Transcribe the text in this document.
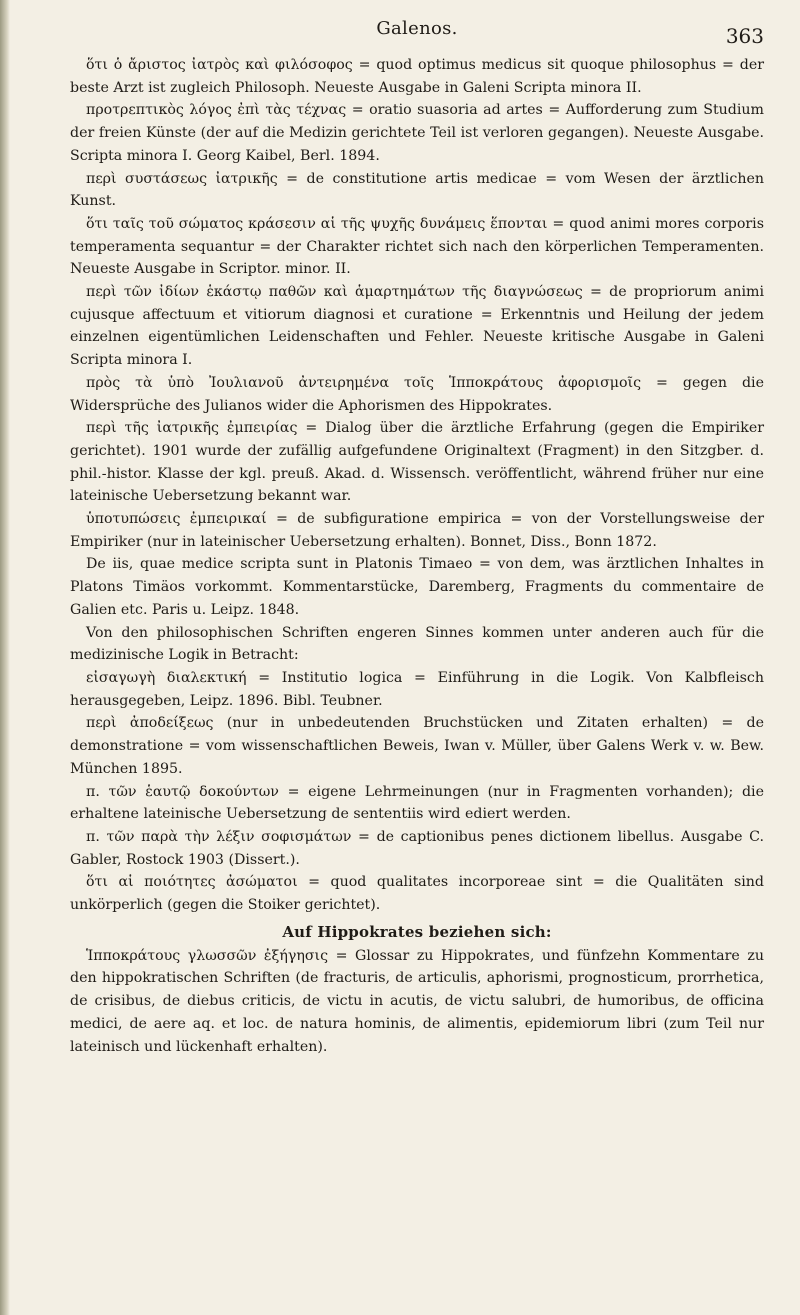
Galenos.	363

ὅτι ὁ ἄριστος ἰατρὸς καὶ φιλόσοφος = quod optimus medicus sit quoque philosophus = der beste Arzt ist zugleich Philosoph. Neueste Ausgabe in Galeni Scripta minora II.

προτρεπτικὸς λόγος ἐπὶ τὰς τέχνας = oratio suasoria ad artes = Aufforderung zum Studium der freien Künste (der auf die Medizin gerichtete Teil ist verloren gegangen). Neueste Ausgabe. Scripta minora I. Georg Kaibel, Berl. 1894.

περὶ συστάσεως ἰατρικῆς = de constitutione artis medicae = vom Wesen der ärztlichen Kunst.

ὅτι ταῖς τοῦ σώματος κράσεσιν αἱ τῆς ψυχῆς δυνάμεις ἕπονται = quod animi mores corporis temperamenta sequantur = der Charakter richtet sich nach den körperlichen Temperamenten. Neueste Ausgabe in Scriptor. minor. II.

περὶ τῶν ἰδίων ἑκάστῳ παθῶν καὶ ἁμαρτημάτων τῆς διαγνώσεως = de propriorum animi cujusque affectuum et vitiorum diagnosi et curatione = Erkenntnis und Heilung der jedem einzelnen eigentümlichen Leidenschaften und Fehler. Neueste kritische Ausgabe in Galeni Scripta minora I.

πρὸς τὰ ὑπὸ Ἰουλιανοῦ ἀντειρημένα τοῖς Ἱπποκράτους ἀφορισμοῖς = gegen die Widersprüche des Julianos wider die Aphorismen des Hippokrates.

περὶ τῆς ἰατρικῆς ἐμπειρίας = Dialog über die ärztliche Erfahrung (gegen die Empiriker gerichtet). 1901 wurde der zufällig aufgefundene Originaltext (Fragment) in den Sitzgber. d. phil.-histor. Klasse der kgl. preuß. Akad. d. Wissensch. veröffentlicht, während früher nur eine lateinische Uebersetzung bekannt war.

ὑποτυπώσεις ἐμπειρικαί = de subfiguratione empirica = von der Vorstellungsweise der Empiriker (nur in lateinischer Uebersetzung erhalten). Bonnet, Diss., Bonn 1872.

De iis, quae medice scripta sunt in Platonis Timaeo = von dem, was ärztlichen Inhaltes in Platons Timäos vorkommt. Kommentarstücke, Daremberg, Fragments du commentaire de Galien etc. Paris u. Leipz. 1848.

Von den philosophischen Schriften engeren Sinnes kommen unter anderen auch für die medizinische Logik in Betracht:

εἰσαγωγὴ διαλεκτική = Institutio logica = Einführung in die Logik. Von Kalbfleisch herausgegeben, Leipz. 1896. Bibl. Teubner.

περὶ ἀποδείξεως (nur in unbedeutenden Bruchstücken und Zitaten erhalten) = de demonstratione = vom wissenschaftlichen Beweis, Iwan v. Müller, über Galens Werk v. w. Bew. München 1895.

π. τῶν ἑαυτῷ δοκούντων = eigene Lehrmeinungen (nur in Fragmenten vorhanden); die erhaltene lateinische Uebersetzung de sententiis wird ediert werden.

π. τῶν παρὰ τὴν λέξιν σοφισμάτων = de captionibus penes dictionem libellus. Ausgabe C. Gabler, Rostock 1903 (Dissert.).

ὅτι αἱ ποιότητες ἀσώματοι = quod qualitates incorporeae sint = die Qualitäten sind unkörperlich (gegen die Stoiker gerichtet).

Auf Hippokrates beziehen sich:

Ἱπποκράτους γλωσσῶν ἐξήγησις = Glossar zu Hippokrates, und fünfzehn Kommentare zu den hippokratischen Schriften (de fracturis, de articulis, aphorismi, prognosticum, prorrhetica, de crisibus, de diebus criticis, de victu in acutis, de victu salubri, de humoribus, de officina medici, de aere aq. et loc. de natura hominis, de alimentis, epidemiorum libri (zum Teil nur lateinisch und lückenhaft erhalten).
